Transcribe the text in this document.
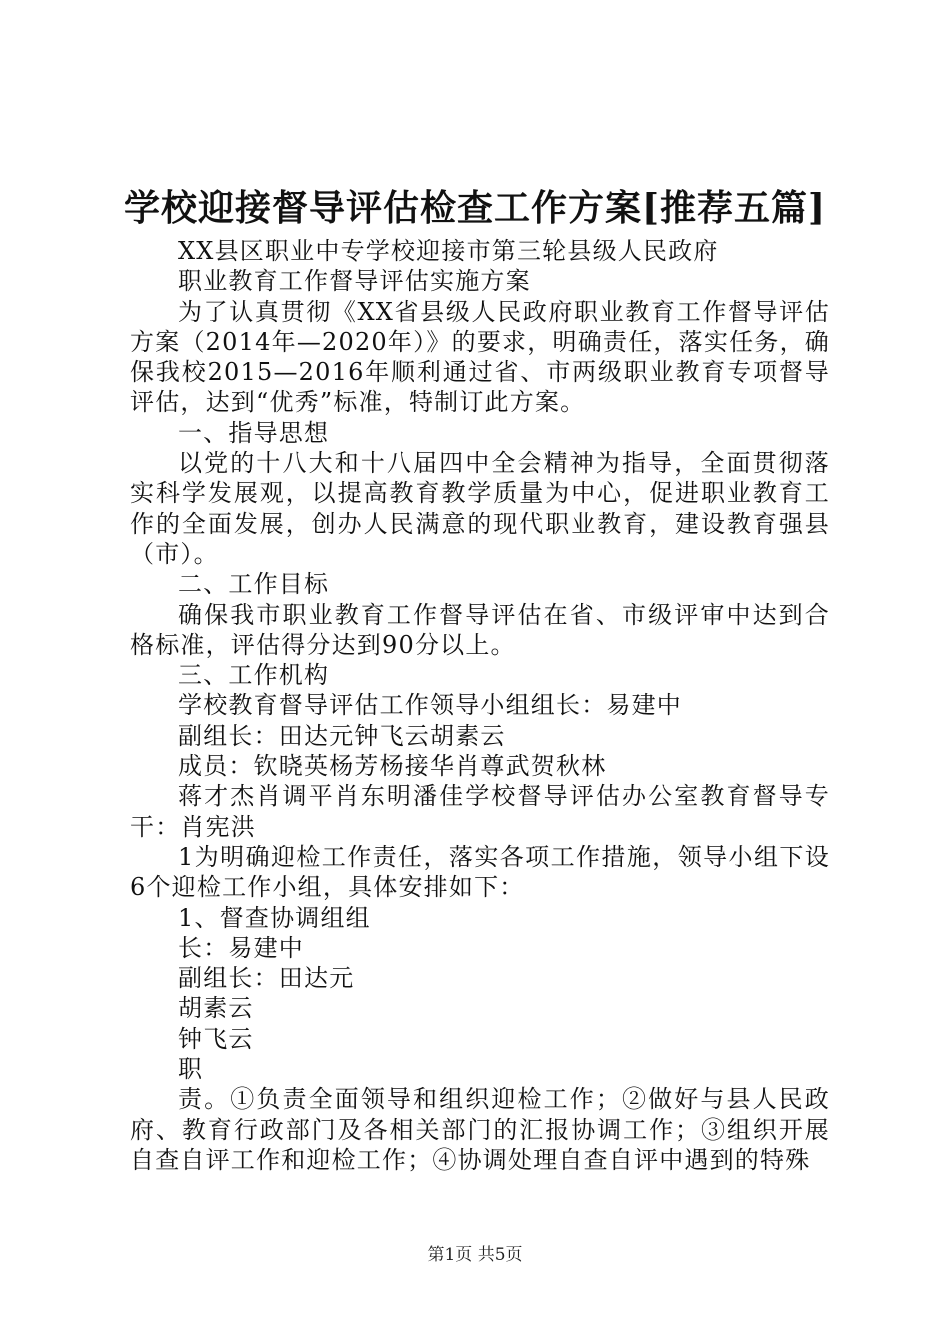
学校迎接督导评估检查工作方案[推荐五篇]

XX县区职业中专学校迎接市第三轮县级人民政府

职业教育工作督导评估实施方案

为了认真贯彻《XX省县级人民政府职业教育工作督导评估方案（2014年—2020年）》的要求，明确责任，落实任务，确保我校2015—2016年顺利通过省、市两级职业教育专项督导评估，达到“优秀”标准，特制订此方案。

一、指导思想

以党的十八大和十八届四中全会精神为指导，全面贯彻落实科学发展观，以提高教育教学质量为中心，促进职业教育工作的全面发展，创办人民满意的现代职业教育，建设教育强县（市）。

二、工作目标

确保我市职业教育工作督导评估在省、市级评审中达到合格标准，评估得分达到90分以上。

三、工作机构

学校教育督导评估工作领导小组组长：易建中

副组长：田达元钟飞云胡素云

成员：钦晓英杨芳杨接华肖尊武贺秋林

蒋才杰肖调平肖东明潘佳学校督导评估办公室教育督导专干：肖宪洪

1为明确迎检工作责任，落实各项工作措施，领导小组下设6个迎检工作小组，具体安排如下：

1、督查协调组组

长：易建中

副组长：田达元

胡素云

钟飞云

职

责。①负责全面领导和组织迎检工作；②做好与县人民政府、教育行政部门及各相关部门的汇报协调工作；③组织开展自查自评工作和迎检工作；④协调处理自查自评中遇到的特殊

第1页 共5页
